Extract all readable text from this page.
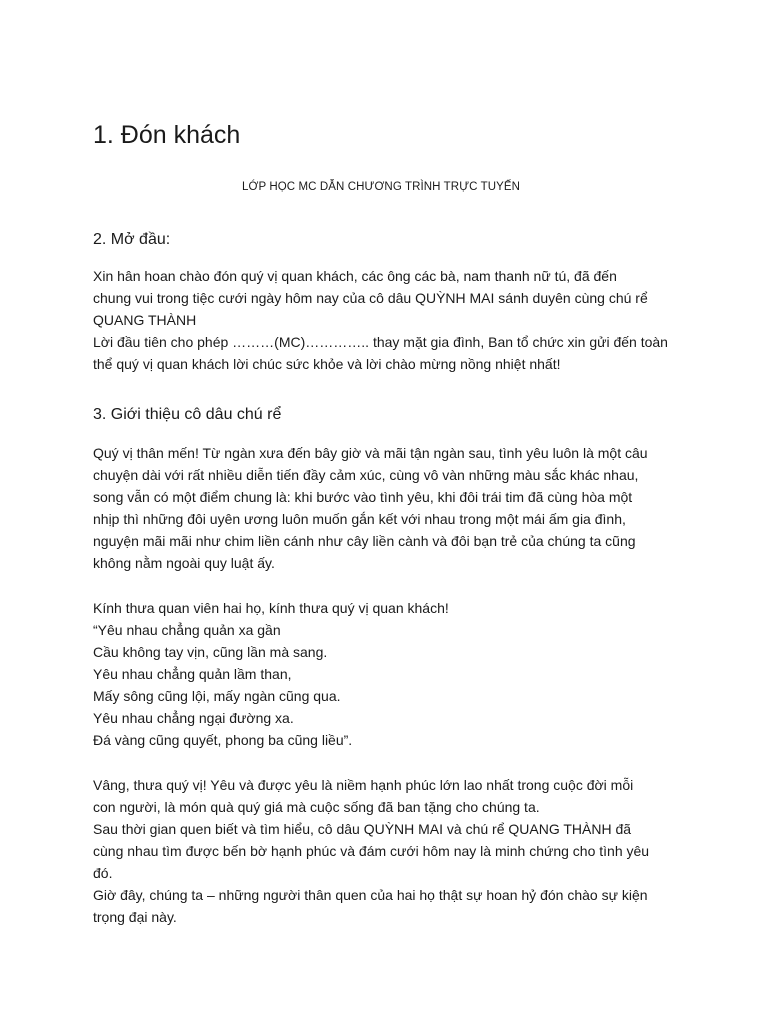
1. Đón khách
LỚP HỌC MC DẪN CHƯƠNG TRÌNH TRỰC TUYẾN
2. Mở đầu:
Xin hân hoan chào đón quý vị quan khách, các ông các bà, nam thanh nữ tú, đã đến
chung vui trong tiệc cưới ngày hôm nay của cô dâu QUỲNH MAI sánh duyên cùng chú rể
QUANG THÀNH
Lời đầu tiên cho phép ………(MC)………….. thay mặt gia đình, Ban tổ chức xin gửi đến toàn
thể quý vị quan khách lời chúc sức khỏe và lời chào mừng nồng nhiệt nhất!
3. Giới thiệu cô dâu chú rể
Quý vị thân mến! Từ ngàn xưa đến bây giờ và mãi tận ngàn sau, tình yêu luôn là một câu
chuyện dài với rất nhiều diễn tiến đầy cảm xúc, cùng vô vàn những màu sắc khác nhau,
song vẫn có một điểm chung là: khi bước vào tình yêu, khi đôi trái tim đã cùng hòa một
nhịp thì những đôi uyên ương luôn muốn gắn kết với nhau trong một mái ấm gia đình,
nguyện mãi mãi như chim liền cánh như cây liền cành và đôi bạn trẻ của chúng ta cũng
không nằm ngoài quy luật ấy.
Kính thưa quan viên hai họ, kính thưa quý vị quan khách!
“Yêu nhau chẳng quản xa gần
Cầu không tay vịn, cũng lần mà sang.
Yêu nhau chẳng quản lầm than,
Mấy sông cũng lội, mấy ngàn cũng qua.
Yêu nhau chẳng ngại đường xa.
Đá vàng cũng quyết, phong ba cũng liều”.
Vâng, thưa quý vị! Yêu và được yêu là niềm hạnh phúc lớn lao nhất trong cuộc đời mỗi
con người, là món quà quý giá mà cuộc sống đã ban tặng cho chúng ta.
Sau thời gian quen biết và tìm hiểu, cô dâu QUỲNH MAI và chú rể QUANG THÀNH đã
cùng nhau tìm được bến bờ hạnh phúc và đám cưới hôm nay là minh chứng cho tình yêu
đó.
Giờ đây, chúng ta – những người thân quen của hai họ thật sự hoan hỷ đón chào sự kiện
trọng đại này.
